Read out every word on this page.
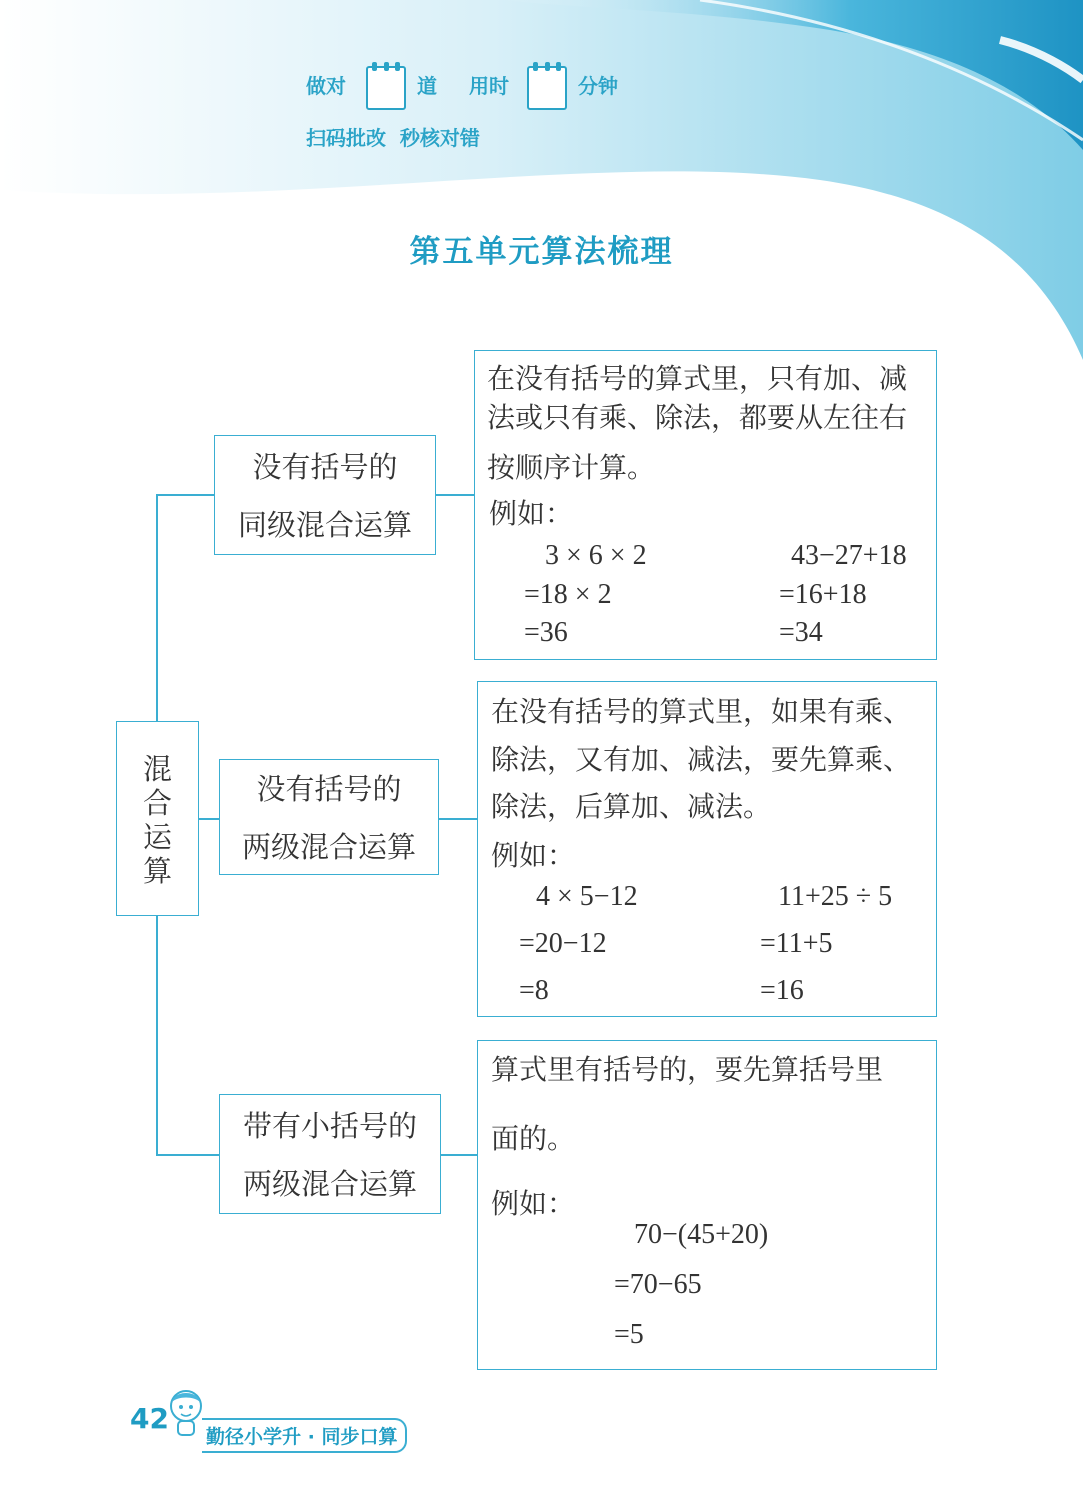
做对	道 用时	分钟
扫码批改  秒核对错
第五单元算法梳理
混
合
运
算
没有括号的
同级混合运算
没有括号的
两级混合运算
带有小括号的
两级混合运算
在没有括号的算式里，只有加、减
法或只有乘、除法，都要从左往右
按顺序计算。
例如：
3 × 6 × 2
=18 × 2
=36
43−27+18
=16+18
=34
在没有括号的算式里，如果有乘、
除法，又有加、减法，要先算乘、
除法，后算加、减法。
例如：
4 × 5−12
=20−12
=8
11+25 ÷ 5
=11+5
=16
算式里有括号的，要先算括号里
面的。
例如：
70−(45+20)
=70−65
=5
42
勤径小学升 · 同步口算
